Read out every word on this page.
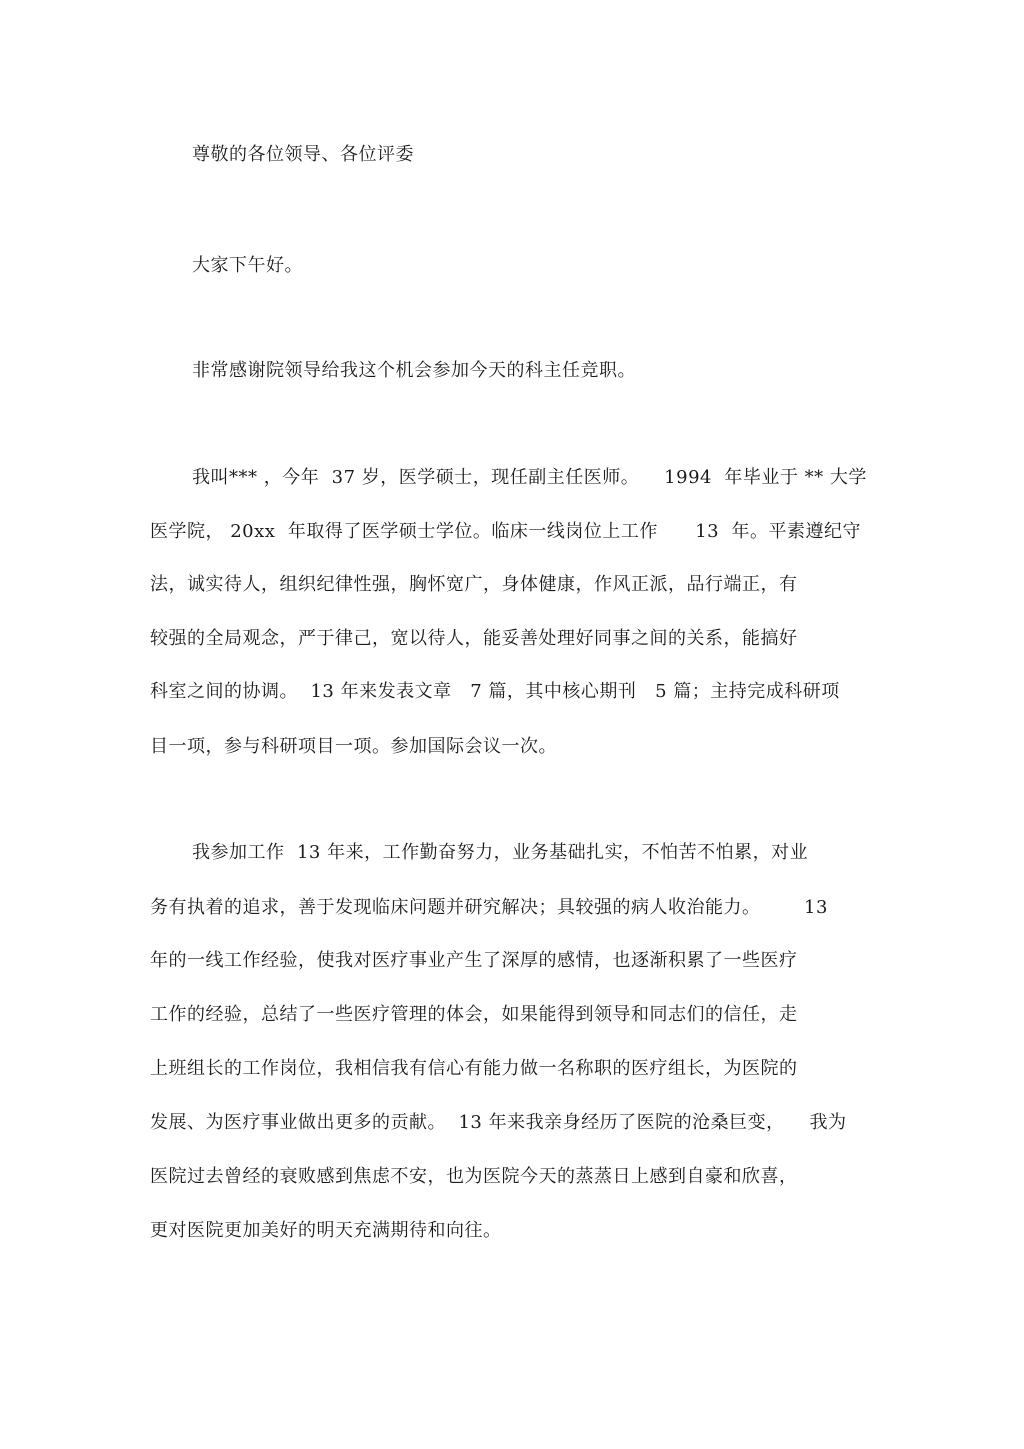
尊敬的各位领导、各位评委
大家下午好。
非常感谢院领导给我这个机会参加今天的科主任竞职。
我叫*** ，今年  37 岁，医学硕士，现任副主任医师。    1994  年毕业于 ** 大学
医学院， 20xx  年取得了医学硕士学位。临床一线岗位上工作      13  年。平素遵纪守
法，诚实待人，组织纪律性强，胸怀宽广，身体健康，作风正派，品行端正，有
较强的全局观念，严于律己，宽以待人，能妥善处理好同事之间的关系，能搞好
科室之间的协调。  13 年来发表文章   7 篇，其中核心期刊   5 篇；主持完成科研项
目一项，参与科研项目一项。参加国际会议一次。
我参加工作  13 年来，工作勤奋努力，业务基础扎实，不怕苦不怕累，对业
务有执着的追求，善于发现临床问题并研究解决；具较强的病人收治能力。       13
年的一线工作经验，使我对医疗事业产生了深厚的感情，也逐渐积累了一些医疗
工作的经验，总结了一些医疗管理的体会，如果能得到领导和同志们的信任，走
上班组长的工作岗位，我相信我有信心有能力做一名称职的医疗组长，为医院的
发展、为医疗事业做出更多的贡献。  13 年来我亲身经历了医院的沧桑巨变，    我为
医院过去曾经的衰败感到焦虑不安，也为医院今天的蒸蒸日上感到自豪和欣喜，
更对医院更加美好的明天充满期待和向往。
